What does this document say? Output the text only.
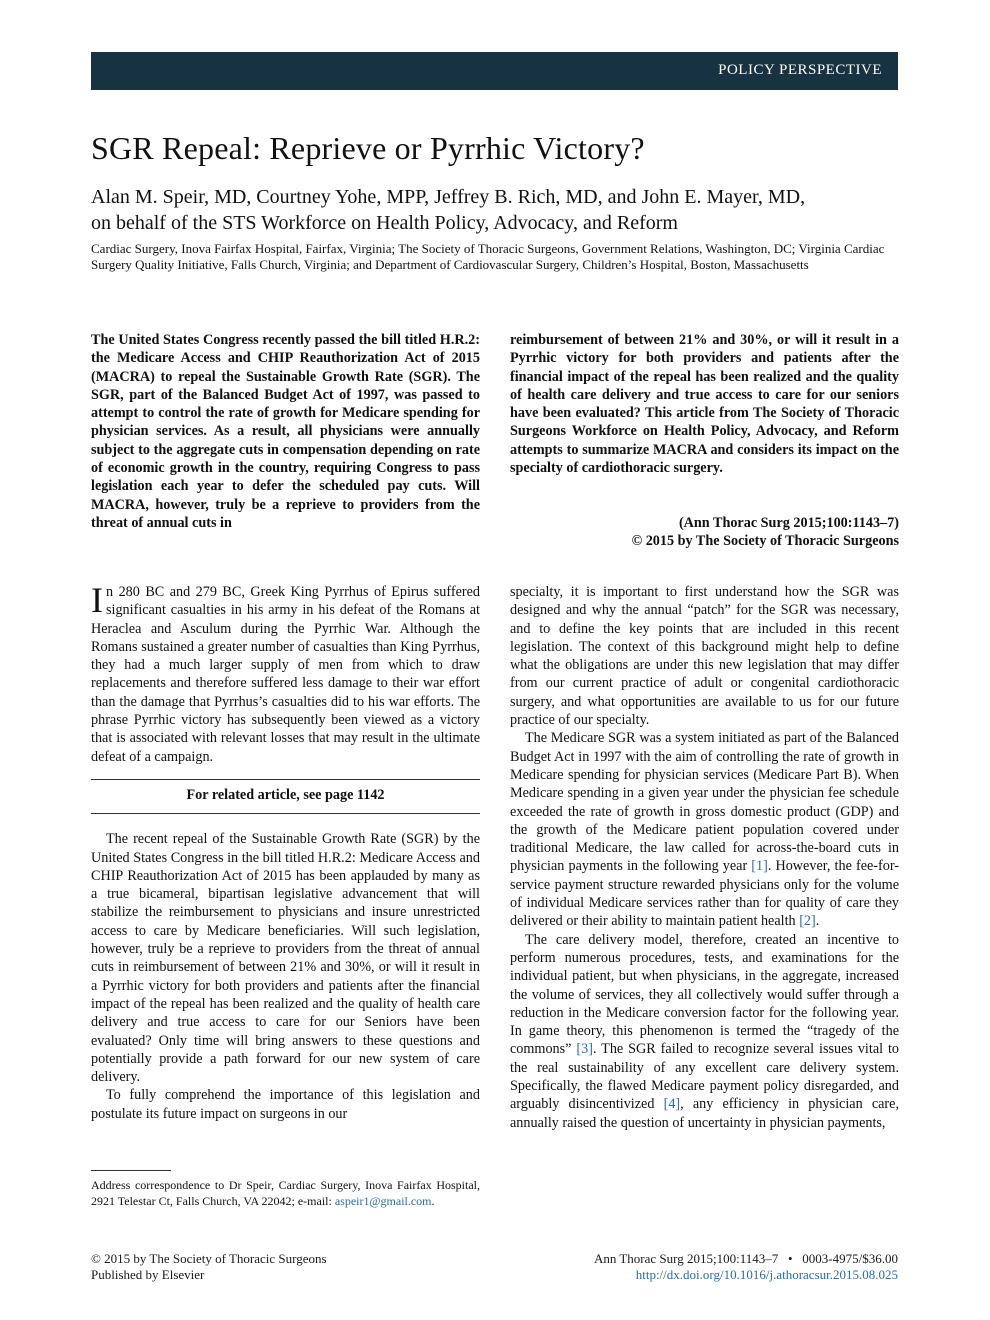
POLICY PERSPECTIVE
SGR Repeal: Reprieve or Pyrrhic Victory?
Alan M. Speir, MD, Courtney Yohe, MPP, Jeffrey B. Rich, MD, and John E. Mayer, MD,
on behalf of the STS Workforce on Health Policy, Advocacy, and Reform
Cardiac Surgery, Inova Fairfax Hospital, Fairfax, Virginia; The Society of Thoracic Surgeons, Government Relations, Washington, DC; Virginia Cardiac Surgery Quality Initiative, Falls Church, Virginia; and Department of Cardiovascular Surgery, Children’s Hospital, Boston, Massachusetts
The United States Congress recently passed the bill titled H.R.2: the Medicare Access and CHIP Reauthorization Act of 2015 (MACRA) to repeal the Sustainable Growth Rate (SGR). The SGR, part of the Balanced Budget Act of 1997, was passed to attempt to control the rate of growth for Medicare spending for physician services. As a result, all physicians were annually subject to the aggregate cuts in compensation depending on rate of economic growth in the country, requiring Congress to pass legislation each year to defer the scheduled pay cuts. Will MACRA, however, truly be a reprieve to providers from the threat of annual cuts in
reimbursement of between 21% and 30%, or will it result in a Pyrrhic victory for both providers and patients after the financial impact of the repeal has been realized and the quality of health care delivery and true access to care for our seniors have been evaluated? This article from The Society of Thoracic Surgeons Workforce on Health Policy, Advocacy, and Reform attempts to summarize MACRA and considers its impact on the specialty of cardiothoracic surgery.
(Ann Thorac Surg 2015;100:1143–7)
© 2015 by The Society of Thoracic Surgeons

In 280 BC and 279 BC, Greek King Pyrrhus of Epirus suffered significant casualties in his army in his defeat of the Romans at Heraclea and Asculum during the Pyrrhic War. Although the Romans sustained a greater number of casualties than King Pyrrhus, they had a much larger supply of men from which to draw replacements and therefore suffered less damage to their war effort than the damage that Pyrrhus’s casualties did to his war efforts. The phrase Pyrrhic victory has subsequently been viewed as a victory that is associated with relevant losses that may result in the ultimate defeat of a campaign.

For related article, see page 1142

The recent repeal of the Sustainable Growth Rate (SGR) by the United States Congress in the bill titled H.R.2: Medicare Access and CHIP Reauthorization Act of 2015 has been applauded by many as a true bicameral, bipartisan legislative advancement that will stabilize the reimbursement to physicians and insure unrestricted access to care by Medicare beneficiaries. Will such legislation, however, truly be a reprieve to providers from the threat of annual cuts in reimbursement of between 21% and 30%, or will it result in a Pyrrhic victory for both providers and patients after the financial impact of the repeal has been realized and the quality of health care delivery and true access to care for our Seniors have been evaluated? Only time will bring answers to these questions and potentially provide a path forward for our new system of care delivery.

To fully comprehend the importance of this legislation and postulate its future impact on surgeons in our

specialty, it is important to first understand how the SGR was designed and why the annual “patch” for the SGR was necessary, and to define the key points that are included in this recent legislation. The context of this background might help to define what the obligations are under this new legislation that may differ from our current practice of adult or congenital cardiothoracic surgery, and what opportunities are available to us for our future practice of our specialty.

The Medicare SGR was a system initiated as part of the Balanced Budget Act in 1997 with the aim of controlling the rate of growth in Medicare spending for physician services (Medicare Part B). When Medicare spending in a given year under the physician fee schedule exceeded the rate of growth in gross domestic product (GDP) and the growth of the Medicare patient population covered under traditional Medicare, the law called for across-the-board cuts in physician payments in the following year [1]. However, the fee-for-service payment structure rewarded physicians only for the volume of individual Medicare services rather than for quality of care they delivered or their ability to maintain patient health [2].

The care delivery model, therefore, created an incentive to perform numerous procedures, tests, and examinations for the individual patient, but when physicians, in the aggregate, increased the volume of services, they all collectively would suffer through a reduction in the Medicare conversion factor for the following year. In game theory, this phenomenon is termed the “tragedy of the commons” [3]. The SGR failed to recognize several issues vital to the real sustainability of any excellent care delivery system. Specifically, the flawed Medicare payment policy disregarded, and arguably disincentivized [4], any efficiency in physician care, annually raised the question of uncertainty in physician payments,

Address correspondence to Dr Speir, Cardiac Surgery, Inova Fairfax Hospital, 2921 Telestar Ct, Falls Church, VA 22042; e-mail: aspeir1@gmail.com.
© 2015 by The Society of Thoracic Surgeons
Published by Elsevier
Ann Thorac Surg 2015;100:1143–7 • 0003-4975/$36.00
http://dx.doi.org/10.1016/j.athoracsur.2015.08.025
